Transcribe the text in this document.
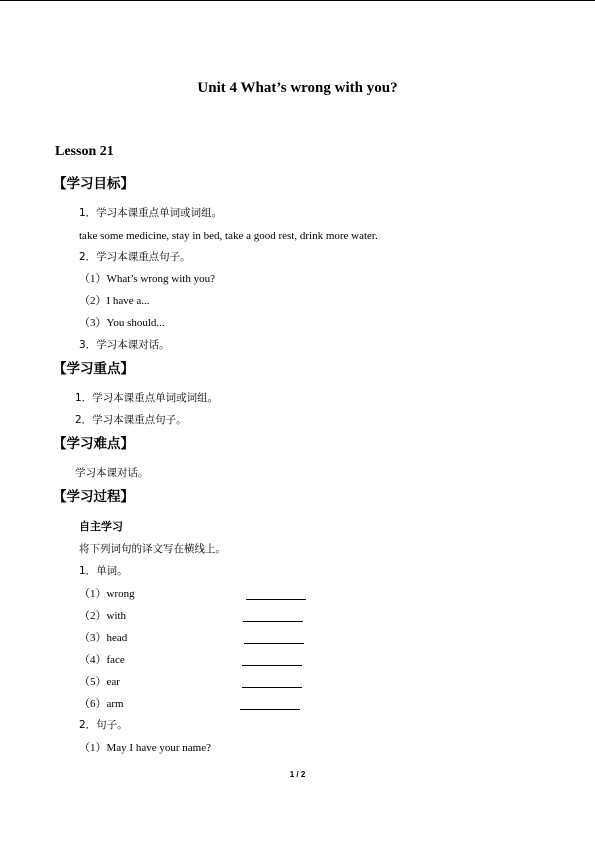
Unit 4 What’s wrong with you?
Lesson 21
【学习目标】
1．学习本课重点单词或词组。
take some medicine, stay in bed, take a good rest, drink more water.
2．学习本课重点句子。
（1）What’s wrong with you?
（2）I have a...
（3）You should...
3．学习本课对话。
【学习重点】
1．学习本课重点单词或词组。
2．学习本课重点句子。
【学习难点】
学习本课对话。
【学习过程】
自主学习
将下列词句的译文写在横线上。
1．单词。
（1）wrong
（2）with
（3）head
（4）face
（5）ear
（6）arm
2．句子。
（1）May I have your name?
1 / 2
